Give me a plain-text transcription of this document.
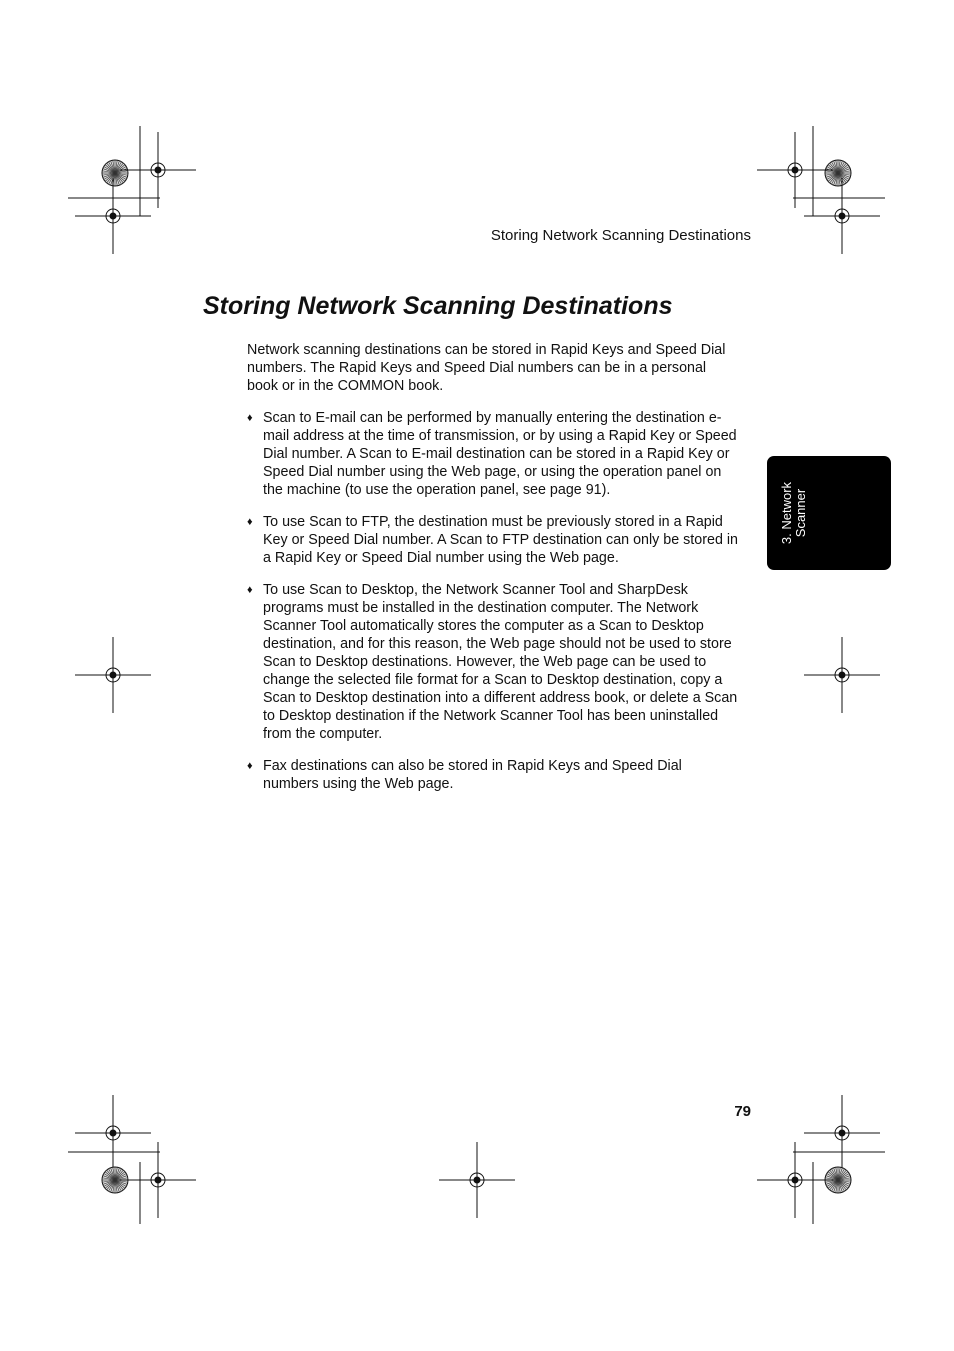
Storing Network Scanning Destinations
Storing Network Scanning Destinations

Network scanning destinations can be stored in Rapid Keys and Speed Dial numbers. The Rapid Keys and Speed Dial numbers can be in a personal book or in the COMMON book.

♦ Scan to E-mail can be performed by manually entering the destination e-mail address at the time of transmission, or by using a Rapid Key or Speed Dial number. A Scan to E-mail destination can be stored in a Rapid Key or Speed Dial number using the Web page, or using the operation panel on the machine (to use the operation panel, see page 91).
♦ To use Scan to FTP, the destination must be previously stored in a Rapid Key or Speed Dial number. A Scan to FTP destination can only be stored in a Rapid Key or Speed Dial number using the Web page.
♦ To use Scan to Desktop, the Network Scanner Tool and SharpDesk programs must be installed in the destination computer. The Network Scanner Tool automatically stores the computer as a Scan to Desktop destination, and for this reason, the Web page should not be used to store Scan to Desktop destinations. However, the Web page can be used to change the selected file format for a Scan to Desktop destination, copy a Scan to Desktop destination into a different address book, or delete a Scan to Desktop destination if the Network Scanner Tool has been uninstalled from the computer.
♦ Fax destinations can also be stored in Rapid Keys and Speed Dial numbers using the Web page.
3. Network Scanner
79
